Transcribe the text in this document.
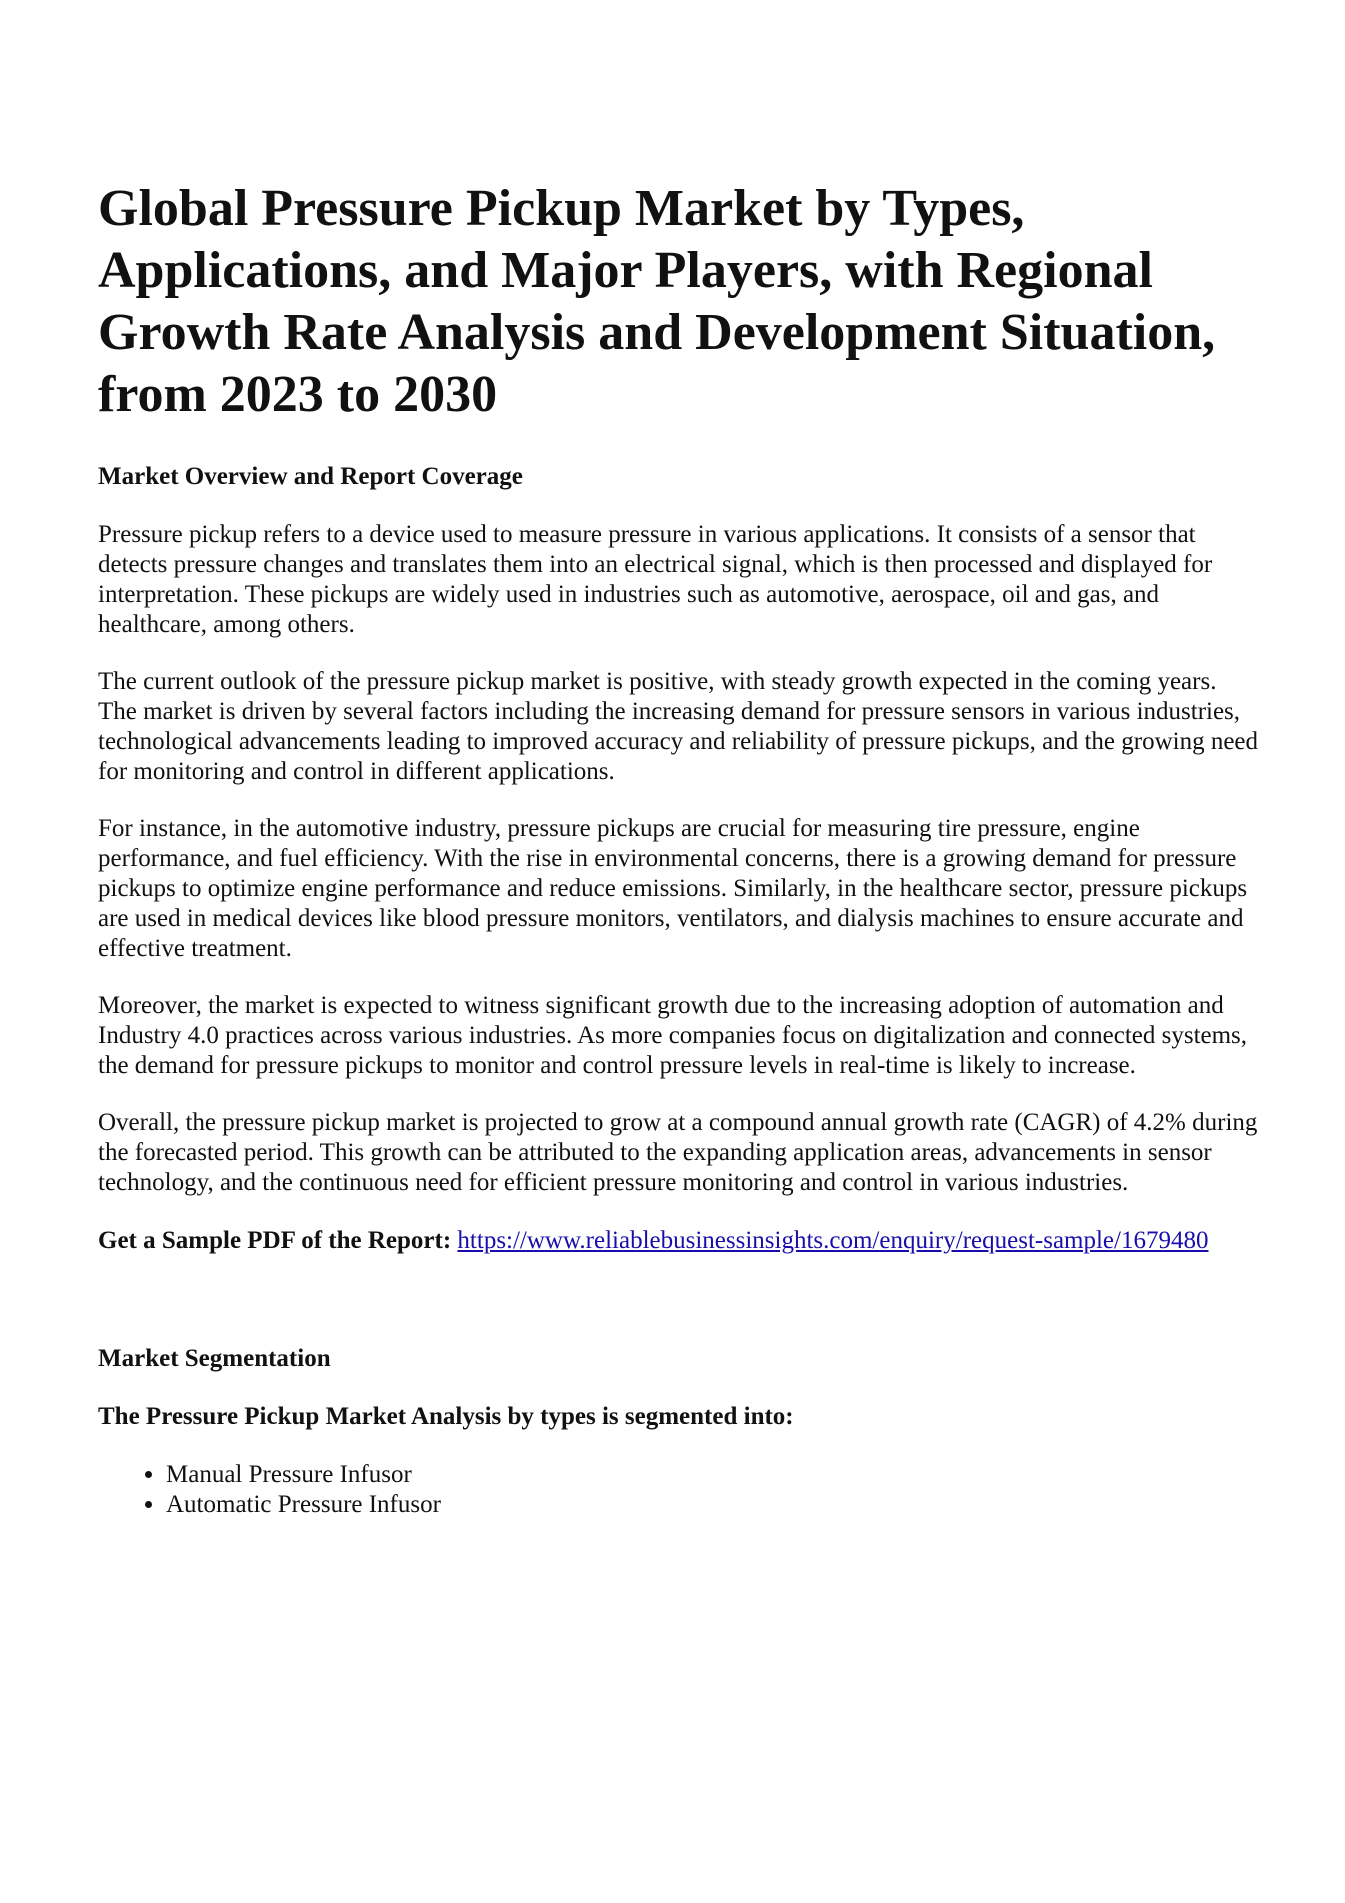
Global Pressure Pickup Market by Types, Applications, and Major Players, with Regional Growth Rate Analysis and Development Situation, from 2023 to 2030
Market Overview and Report Coverage

Pressure pickup refers to a device used to measure pressure in various applications. It consists of a sensor that detects pressure changes and translates them into an electrical signal, which is then processed and displayed for interpretation. These pickups are widely used in industries such as automotive, aerospace, oil and gas, and healthcare, among others.

The current outlook of the pressure pickup market is positive, with steady growth expected in the coming years. The market is driven by several factors including the increasing demand for pressure sensors in various industries, technological advancements leading to improved accuracy and reliability of pressure pickups, and the growing need for monitoring and control in different applications.

For instance, in the automotive industry, pressure pickups are crucial for measuring tire pressure, engine performance, and fuel efficiency. With the rise in environmental concerns, there is a growing demand for pressure pickups to optimize engine performance and reduce emissions. Similarly, in the healthcare sector, pressure pickups are used in medical devices like blood pressure monitors, ventilators, and dialysis machines to ensure accurate and effective treatment.

Moreover, the market is expected to witness significant growth due to the increasing adoption of automation and Industry 4.0 practices across various industries. As more companies focus on digitalization and connected systems, the demand for pressure pickups to monitor and control pressure levels in real-time is likely to increase.

Overall, the pressure pickup market is projected to grow at a compound annual growth rate (CAGR) of 4.2% during the forecasted period. This growth can be attributed to the expanding application areas, advancements in sensor technology, and the continuous need for efficient pressure monitoring and control in various industries.

Get a Sample PDF of the Report: https://www.reliablebusinessinsights.com/enquiry/request-sample/1679480

Market Segmentation
The Pressure Pickup Market Analysis by types is segmented into:
• Manual Pressure Infusor
• Automatic Pressure Infusor
